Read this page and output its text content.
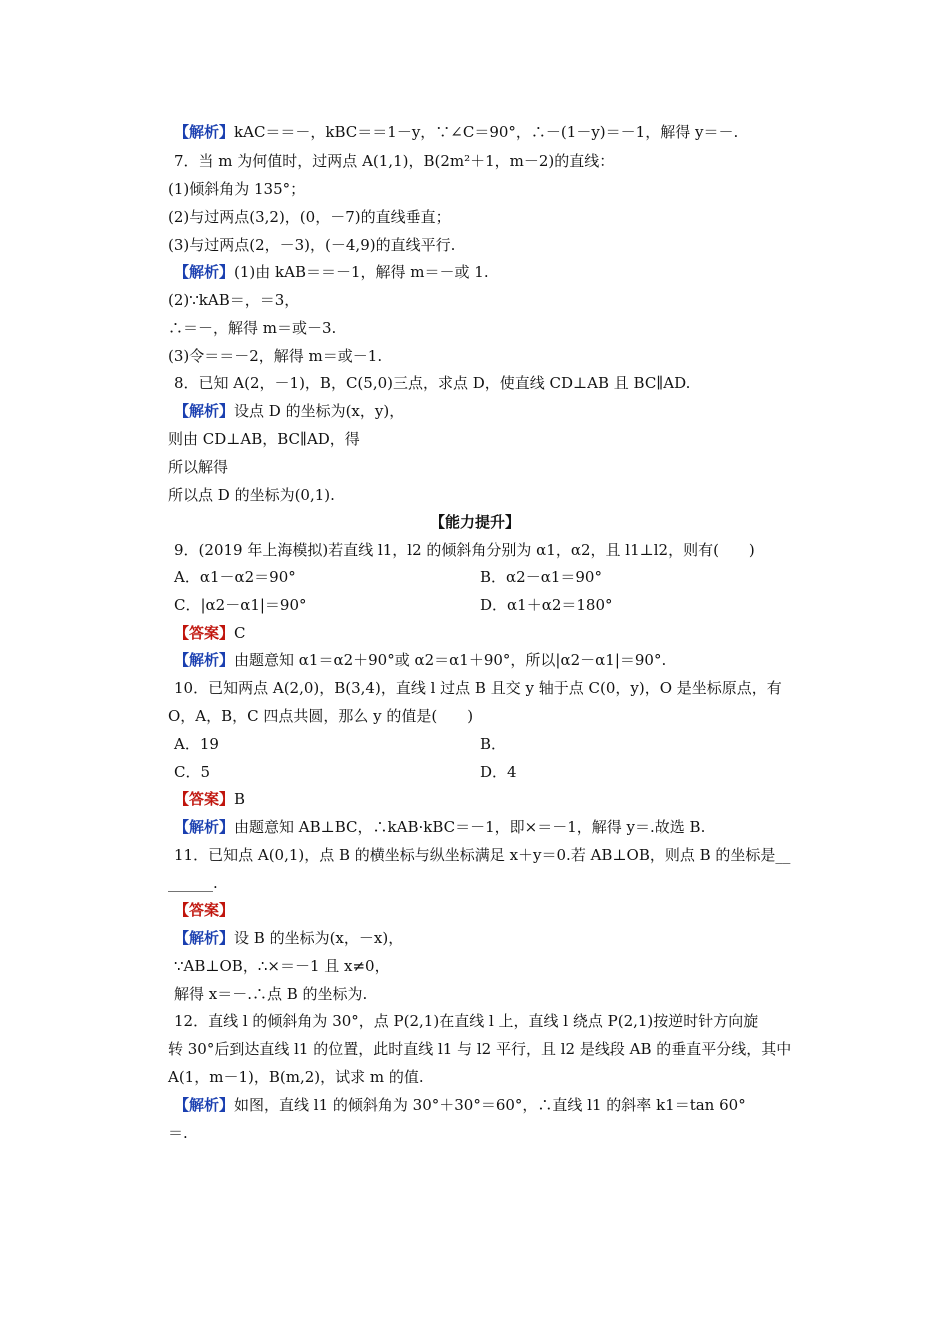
【解析】kAC＝＝－，kBC＝＝1－y，∵∠C＝90°，∴－(1－y)＝－1，解得 y＝－.
7．当 m 为何值时，过两点 A(1,1)，B(2m²＋1，m－2)的直线：
(1)倾斜角为 135°；
(2)与过两点(3,2)，(0，－7)的直线垂直；
(3)与过两点(2，－3)，(－4,9)的直线平行.
【解析】(1)由 kAB＝＝－1，解得 m＝－或 1.
(2)∵kAB＝，＝3，
∴＝－，解得 m＝或－3.
(3)令＝＝－2，解得 m＝或－1.
8．已知 A(2，－1)，B，C(5,0)三点，求点 D，使直线 CD⊥AB 且 BC∥AD.
【解析】设点 D 的坐标为(x，y)，
则由 CD⊥AB，BC∥AD，得
所以解得
所以点 D 的坐标为(0,1).
【能力提升】
9．(2019 年上海模拟)若直线 l1，l2 的倾斜角分别为 α1，α2，且 l1⊥l2，则有(　　)
A．α1－α2＝90°	B．α2－α1＝90°
C．|α2－α1|＝90°	D．α1＋α2＝180°
【答案】C
【解析】由题意知 α1＝α2＋90°或 α2＝α1＋90°，所以|α2－α1|＝90°.
10．已知两点 A(2,0)，B(3,4)，直线 l 过点 B 且交 y 轴于点 C(0，y)，O 是坐标原点，有
O，A，B，C 四点共圆，那么 y 的值是(　　)
A．19	B．
C．5	D．4
【答案】B
【解析】由题意知 AB⊥BC，∴kAB·kBC＝－1，即×＝－1，解得 y＝.故选 B.
11．已知点 A(0,1)，点 B 的横坐标与纵坐标满足 x＋y＝0.若 AB⊥OB，则点 B 的坐标是__
______.
【答案】
【解析】设 B 的坐标为(x，－x)，
∵AB⊥OB，∴×＝－1 且 x≠0，
解得 x＝－.∴点 B 的坐标为.
12．直线 l 的倾斜角为 30°，点 P(2,1)在直线 l 上，直线 l 绕点 P(2,1)按逆时针方向旋
转 30°后到达直线 l1 的位置，此时直线 l1 与 l2 平行，且 l2 是线段 AB 的垂直平分线，其中
A(1，m－1)，B(m,2)，试求 m 的值.
【解析】如图，直线 l1 的倾斜角为 30°＋30°＝60°，∴直线 l1 的斜率 k1＝tan 60°
＝.
